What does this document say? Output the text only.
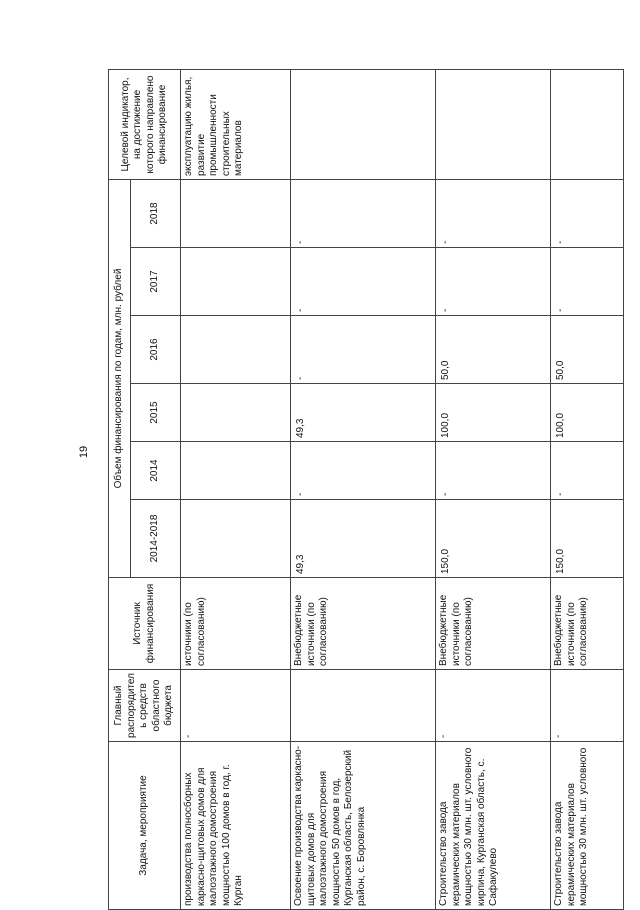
19
Задача, мероприятие	Главный распорядитель средств областного бюджета	Источник финансирования	Объем финансирования по годам, млн. рублей						Целевой индикатор, на достижение которого направлено финансирование
			2014-2018	2014	2015	2016	2017	2018	
производства полносборных каркасно-щитовых домов для малоэтажного домостроения мощностью 100 домов в год, г. Курган	-	источники (по согласованию)							эксплуатацию жилья, развитие промышленности строительных материалов
Освоение производства каркасно-щитовых домов для малоэтажного домостроения мощностью 50 домов в год, Курганская область, Белозерский район, с. Боровлянка		Внебюджетные источники (по согласованию)	49,3	-	49,3	-	-	-	
Строительство завода керамических материалов мощностью 30 млн. шт. условного кирпича, Курганская область, с. Сафакулево	-	Внебюджетные источники (по согласованию)	150,0	-	100,0	50,0	-	-	
Строительство завода керамических материалов мощностью 30 млн. шт. условного	-	Внебюджетные источники (по согласованию)	150,0	-	100,0	50,0	-	-	
